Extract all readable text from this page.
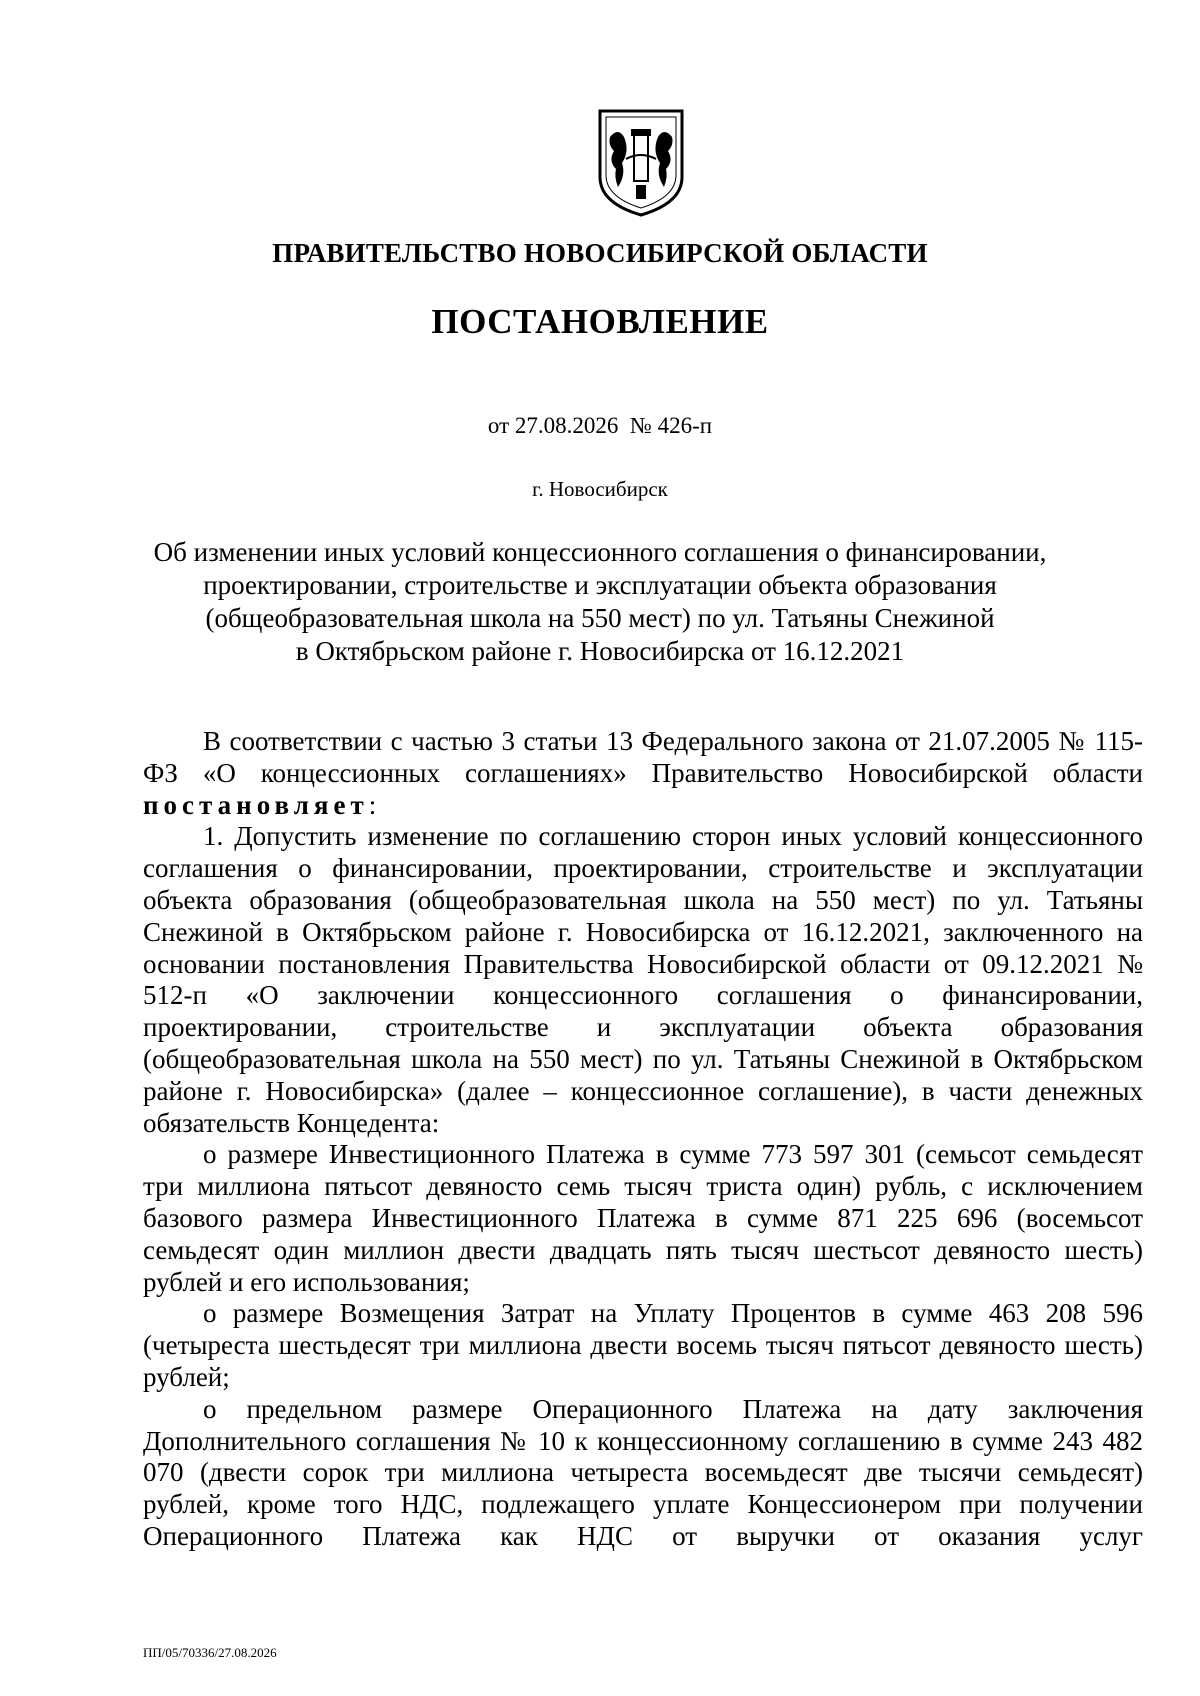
ПРАВИТЕЛЬСТВО НОВОСИБИРСКОЙ ОБЛАСТИ
ПОСТАНОВЛЕНИЕ
от 27.08.2026  № 426-п
г. Новосибирск
Об изменении иных условий концессионного соглашения о финансировании,
проектировании, строительстве и эксплуатации объекта образования
(общеобразовательная школа на 550 мест) по ул. Татьяны Снежиной
в Октябрьском районе г. Новосибирска от 16.12.2021

В соответствии с частью 3 статьи 13 Федерального закона от 21.07.2005 № 115-ФЗ «О концессионных соглашениях» Правительство Новосибирской области постановляет:

1. Допустить изменение по соглашению сторон иных условий концессионного соглашения о финансировании, проектировании, строительстве и эксплуатации объекта образования (общеобразовательная школа на 550 мест) по ул. Татьяны Снежиной в Октябрьском районе г. Новосибирска от 16.12.2021, заключенного на основании постановления Правительства Новосибирской области от 09.12.2021 № 512-п «О заключении концессионного соглашения о финансировании, проектировании, строительстве и эксплуатации объекта образования (общеобразовательная школа на 550 мест) по ул. Татьяны Снежиной в Октябрьском районе г. Новосибирска» (далее – концессионное соглашение), в части денежных обязательств Концедента:

о размере Инвестиционного Платежа в сумме 773 597 301 (семьсот семьдесят три миллиона пятьсот девяносто семь тысяч триста один) рубль, с исключением базового размера Инвестиционного Платежа в сумме 871 225 696 (восемьсот семьдесят один миллион двести двадцать пять тысяч шестьсот девяносто шесть) рублей и его использования;

о размере Возмещения Затрат на Уплату Процентов в сумме 463 208 596 (четыреста шестьдесят три миллиона двести восемь тысяч пятьсот девяносто шесть) рублей;

о предельном размере Операционного Платежа на дату заключения Дополнительного соглашения № 10 к концессионному соглашению в сумме 243 482 070 (двести сорок три миллиона четыреста восемьдесят две тысячи семьдесят) рублей, кроме того НДС, подлежащего уплате Концессионером при получении Операционного Платежа как НДС от выручки от оказания услуг

ПП/05/70336/27.08.2026
